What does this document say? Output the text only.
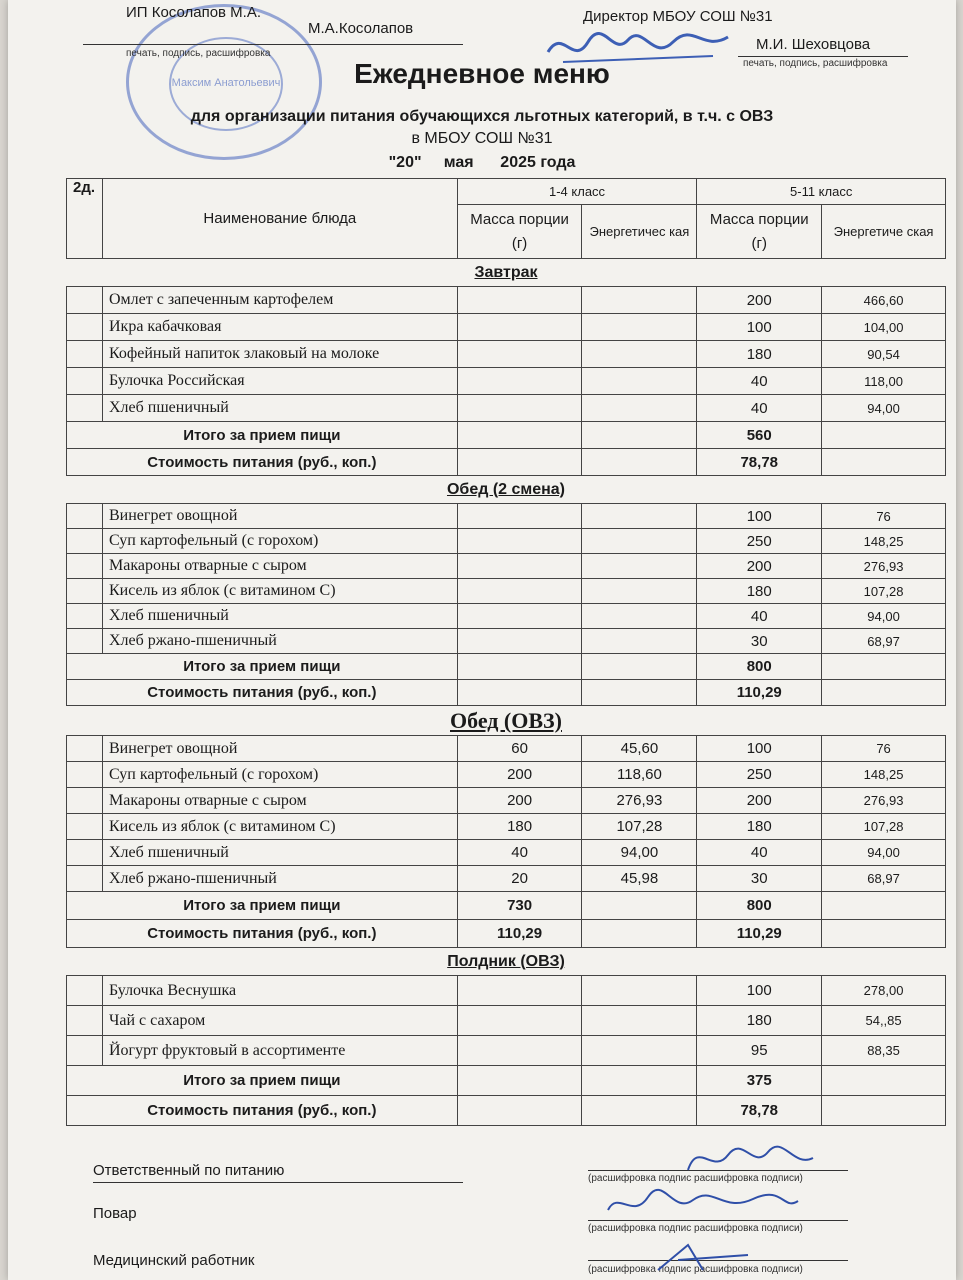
Максим Анатольевич
ИП Косолапов М.А.
М.А.Косолапов
печать, подпись, расшифровка
Директор МБОУ СОШ №31
М.И. Шеховцова
печать, подпись, расшифровка
Ежедневное меню
для организации питания обучающихся льготных категорий, в т.ч. с ОВЗ
в МБОУ СОШ №31
"20"     мая      2025 года
2д.	Наименование блюда	1-4 класс		5-11 класс	
		Масса порции (г)	Энергетичес кая	Масса порции (г)	Энергетиче ская
Завтрак					
	Омлет с запеченным картофелем			200	466,60
	Икра кабачковая			100	104,00
	Кофейный напиток злаковый на молоке			180	90,54
	Булочка Российская			40	118,00
	Хлеб пшеничный			40	94,00
Итого за прием пищи				560	
Стоимость питания (руб., коп.)				78,78	
Обед (2 смена)					
	Винегрет овощной			100	76
	Суп картофельный (с горохом)			250	148,25
	Макароны отварные с сыром			200	276,93
	Кисель из яблок (с витамином С)			180	107,28
	Хлеб пшеничный			40	94,00
	Хлеб ржано-пшеничный			30	68,97
Итого за прием пищи				800	
Стоимость питания (руб., коп.)				110,29	
Обед (ОВЗ)					
	Винегрет овощной	60	45,60	100	76
	Суп картофельный (с горохом)	200	118,60	250	148,25
	Макароны отварные с сыром	200	276,93	200	276,93
	Кисель из яблок (с витамином С)	180	107,28	180	107,28
	Хлеб пшеничный	40	94,00	40	94,00
	Хлеб ржано-пшеничный	20	45,98	30	68,97
Итого за прием пищи		730		800	
Стоимость питания (руб., коп.)		110,29		110,29	
Полдник (ОВЗ)					
	Булочка Веснушка			100	278,00
	Чай с сахаром			180	54,,85
	Йогурт фруктовый в ассортименте			95	88,35
Итого за прием пищи				375	
Стоимость питания (руб., коп.)				78,78	
Ответственный по питанию	(расшифровка подпис расшифровка подписи)
Повар
(расшифровка подпис расшифровка подписи)
Медицинский работник
(расшифровка подпис расшифровка подписи)
